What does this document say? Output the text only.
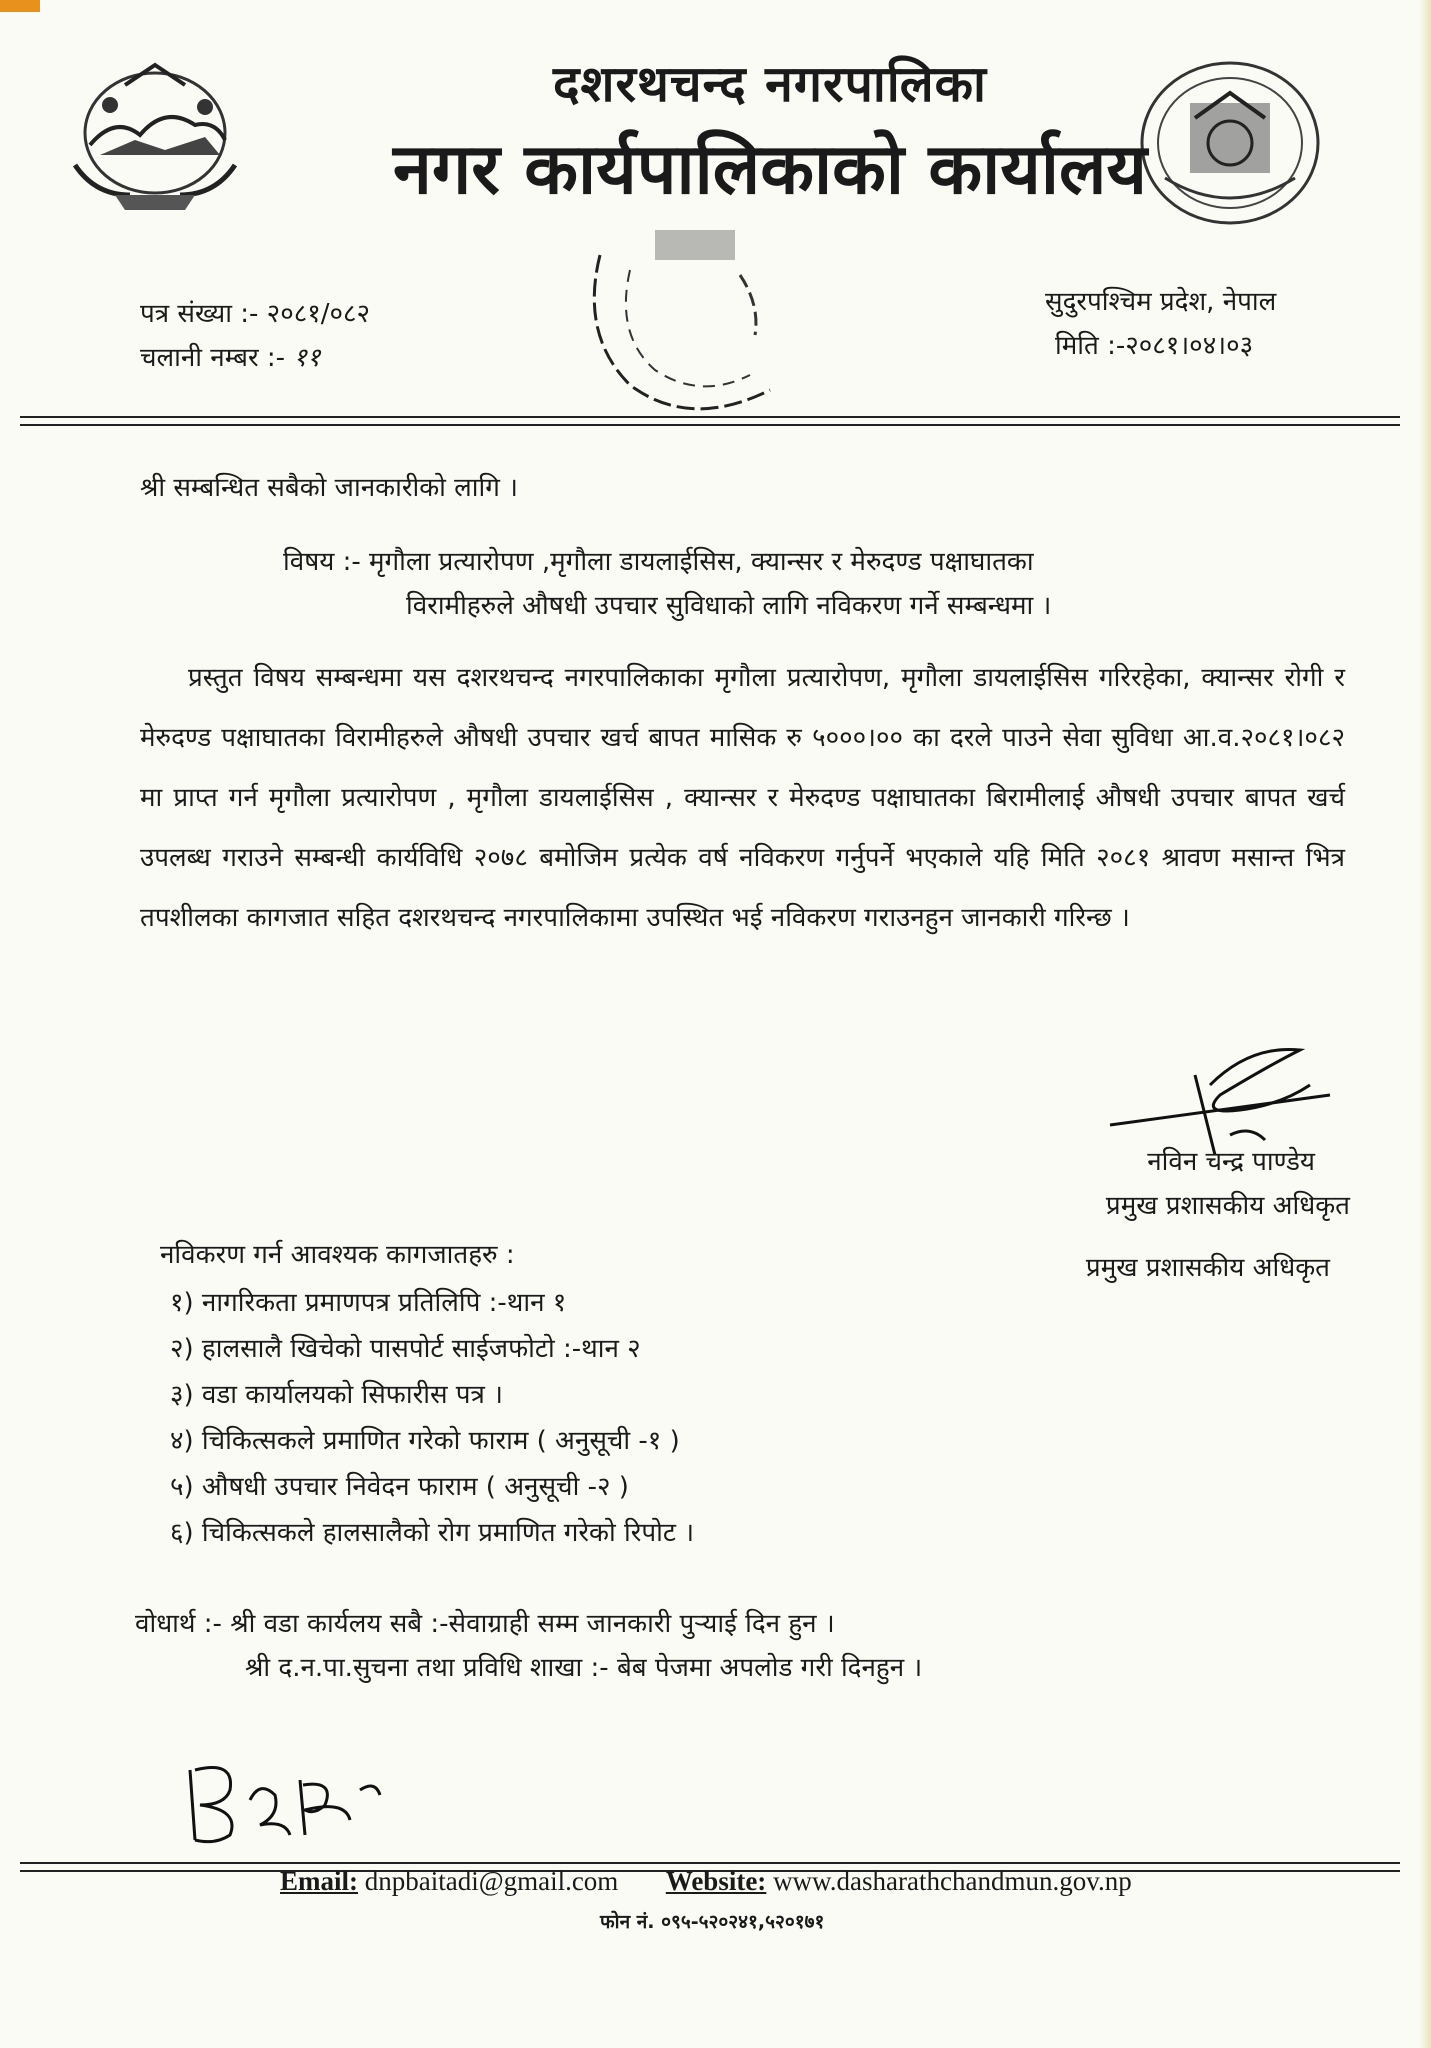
दशरथचन्द नगरपालिका
नगर कार्यपालिकाको कार्यालय
पत्र संख्या :- २०८१/०८२
चलानी नम्बर :- ११
सुदुरपश्चिम प्रदेश, नेपाल
मिति :-२०८१।०४।०३
श्री सम्बन्धित सबैको जानकारीको लागि ।
विषय :- मृगौला प्रत्यारोपण ,मृगौला डायलाईसिस, क्यान्सर र मेरुदण्ड पक्षाघातका
विरामीहरुले औषधी उपचार सुविधाको लागि नविकरण गर्ने सम्बन्धमा ।
प्रस्तुत विषय सम्बन्धमा यस दशरथचन्द नगरपालिकाका मृगौला प्रत्यारोपण, मृगौला डायलाईसिस गरिरहेका, क्यान्सर रोगी र मेरुदण्ड पक्षाघातका विरामीहरुले औषधी उपचार खर्च बापत मासिक रु ५०००।०० का दरले पाउने सेवा सुविधा आ.व.२०८१।०८२ मा प्राप्त गर्न मृगौला प्रत्यारोपण , मृगौला डायलाईसिस , क्यान्सर र मेरुदण्ड पक्षाघातका बिरामीलाई औषधी उपचार बापत खर्च उपलब्ध गराउने सम्बन्धी कार्यविधि २०७८ बमोजिम प्रत्येक वर्ष नविकरण गर्नुपर्ने भएकाले यहि मिति २०८१ श्रावण मसान्त भित्र तपशीलका कागजात सहित दशरथचन्द नगरपालिकामा उपस्थित भई नविकरण गराउनहुन जानकारी गरिन्छ ।
नविन चन्द्र पाण्डेय
प्रमुख प्रशासकीय अधिकृत
प्रमुख प्रशासकीय अधिकृत
नविकरण गर्न आवश्यक कागजातहरु :
१) नागरिकता प्रमाणपत्र प्रतिलिपि :-थान १
२) हालसालै खिचेको पासपोर्ट साईजफोटो :-थान २
३) वडा कार्यालयको सिफारीस पत्र ।
४) चिकित्सकले प्रमाणित गरेको फाराम ( अनुसूची -१ )
५) औषधी उपचार निवेदन फाराम ( अनुसूची -२ )
६) चिकित्सकले हालसालैको रोग प्रमाणित गरेको रिपोट ।
वोधार्थ :- श्री वडा कार्यलय सबै :-सेवाग्राही सम्म जानकारी पुऱ्याई दिन हुन ।
श्री द.न.पा.सुचना तथा प्रविधि शाखा :- बेब पेजमा अपलोड गरी दिनहुन ।
Email: dnpbaitadi@gmail.com Website: www.dasharathchandmun.gov.np
फोन नं. ०९५-५२०२४१,५२०१७१
